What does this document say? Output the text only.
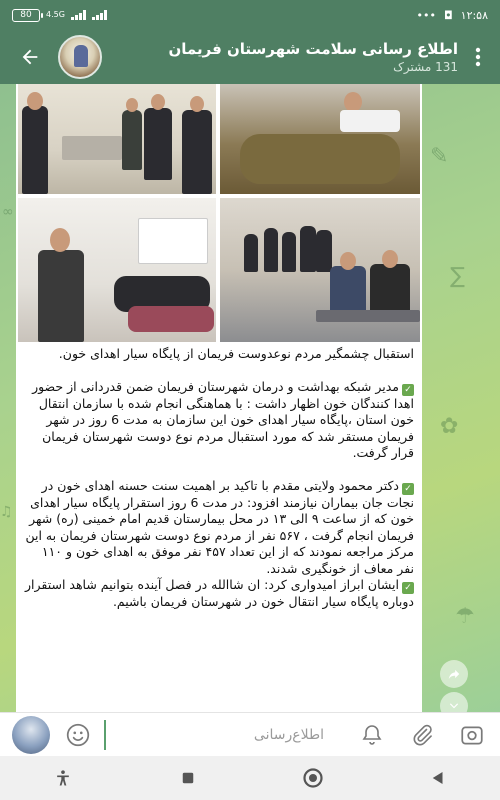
80 4.5G	••• ◘ ۱۲:۵۸
اطلاع رسانی سلامت شهرستان فریمان
131 مشترک
✎
∑
✿
☂
∞
♫

استقبال چشمگیر مردم نوعدوست فریمان از پایگاه سیار اهدای خون.

✓مدیر شبکه بهداشت و درمان شهرستان فریمان ضمن قدردانی از حضور اهدا کنندگان خون اظهار داشت : با هماهنگی انجام شده با سازمان انتقال خون استان ،پایگاه سیار اهدای خون این سازمان به مدت 6 روز در شهر فریمان مستقر شد که مورد استقبال مردم نوع دوست شهرستان فریمان قرار گرفت.

✓دکتر محمود ولایتی مقدم با تاکید بر اهمیت سنت حسنه اهدای خون در نجات جان بیماران نیازمند افزود: در مدت 6 روز استقرار پایگاه سیار اهدای خون که از ساعت ۹ الی ۱۳ در محل بیمارستان قدیم امام خمینی (ره) شهر فریمان انجام گرفت ، ۵۶۷ نفر از مردم نوع دوست شهرستان فریمان به این مرکز مراجعه نمودند که از این تعداد ۴۵۷ نفر موفق به اهدای خون و ۱۱۰ نفر معاف از خونگیری شدند.

✓ایشان ابراز امیدواری کرد: ان شاالله در فصل آینده بتوانیم شاهد استقرار دوباره پایگاه سیار انتقال خون در شهرستان فریمان باشیم.

اطلاع‌رسانی
